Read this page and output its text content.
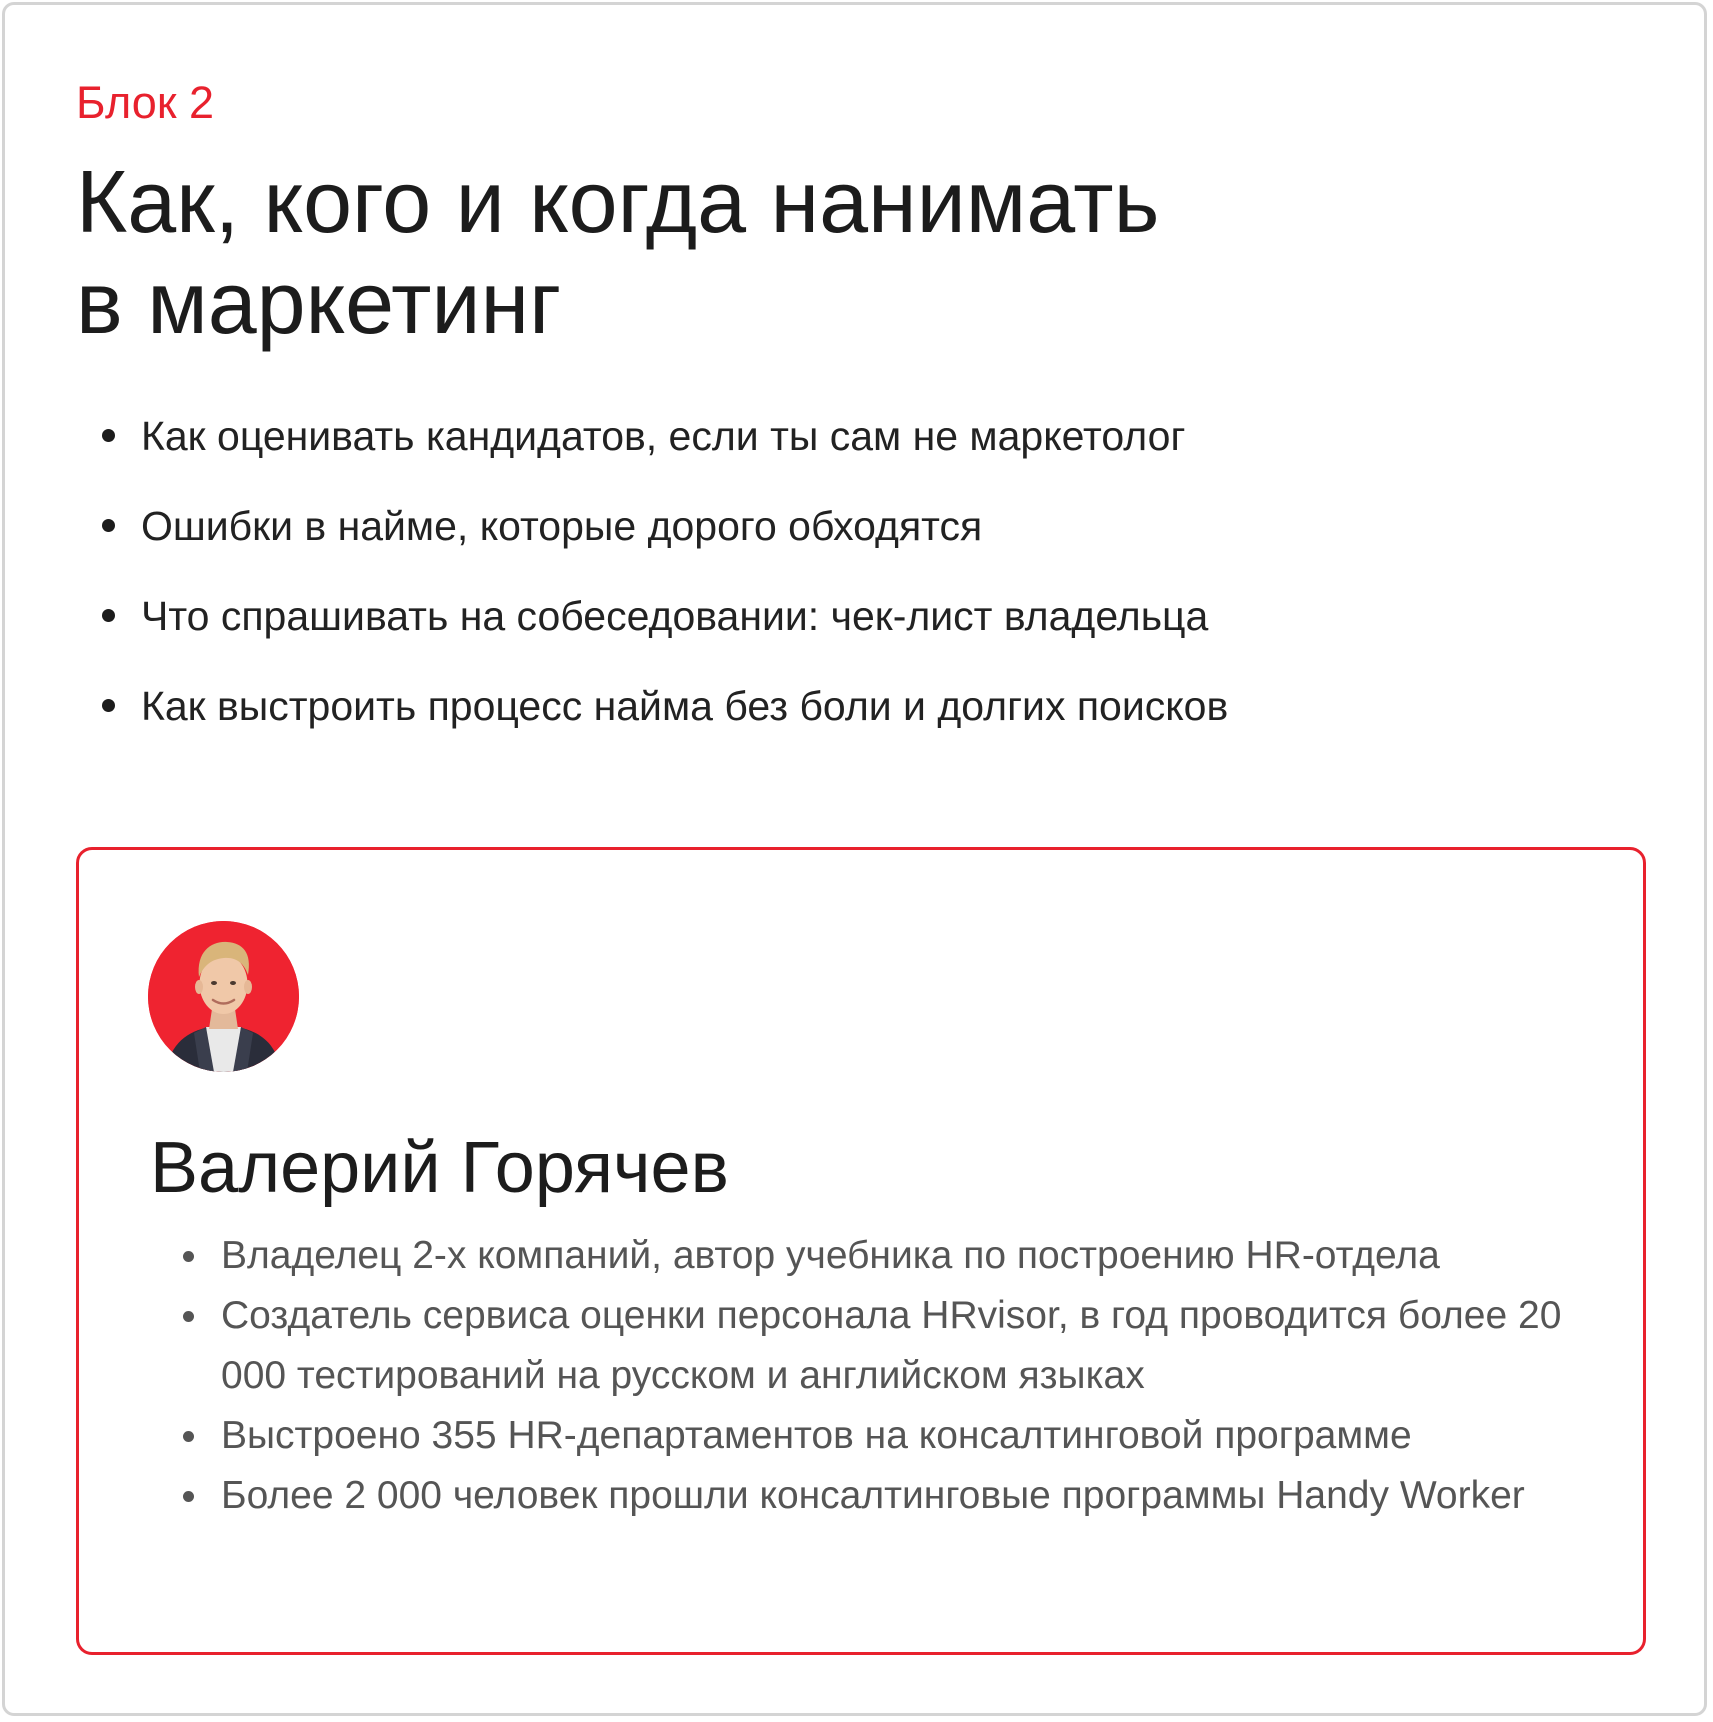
Блок 2
Как, кого и когда нанимать
в маркетинг
Как оценивать кандидатов, если ты сам не маркетолог
Ошибки в найме, которые дорого обходятся
Что спрашивать на собеседовании: чек-лист владельца
Как выстроить процесс найма без боли и долгих поисков
Валерий Горячев
Владелец 2-х компаний, автор учебника по построению HR-отдела
Создатель сервиса оценки персонала HRvisor, в год проводится более 20 000 тестирований на русском и английском языках
Выстроено 355 HR-департаментов на консалтинговой программе
Более 2 000 человек прошли консалтинговые программы Handy Worker
